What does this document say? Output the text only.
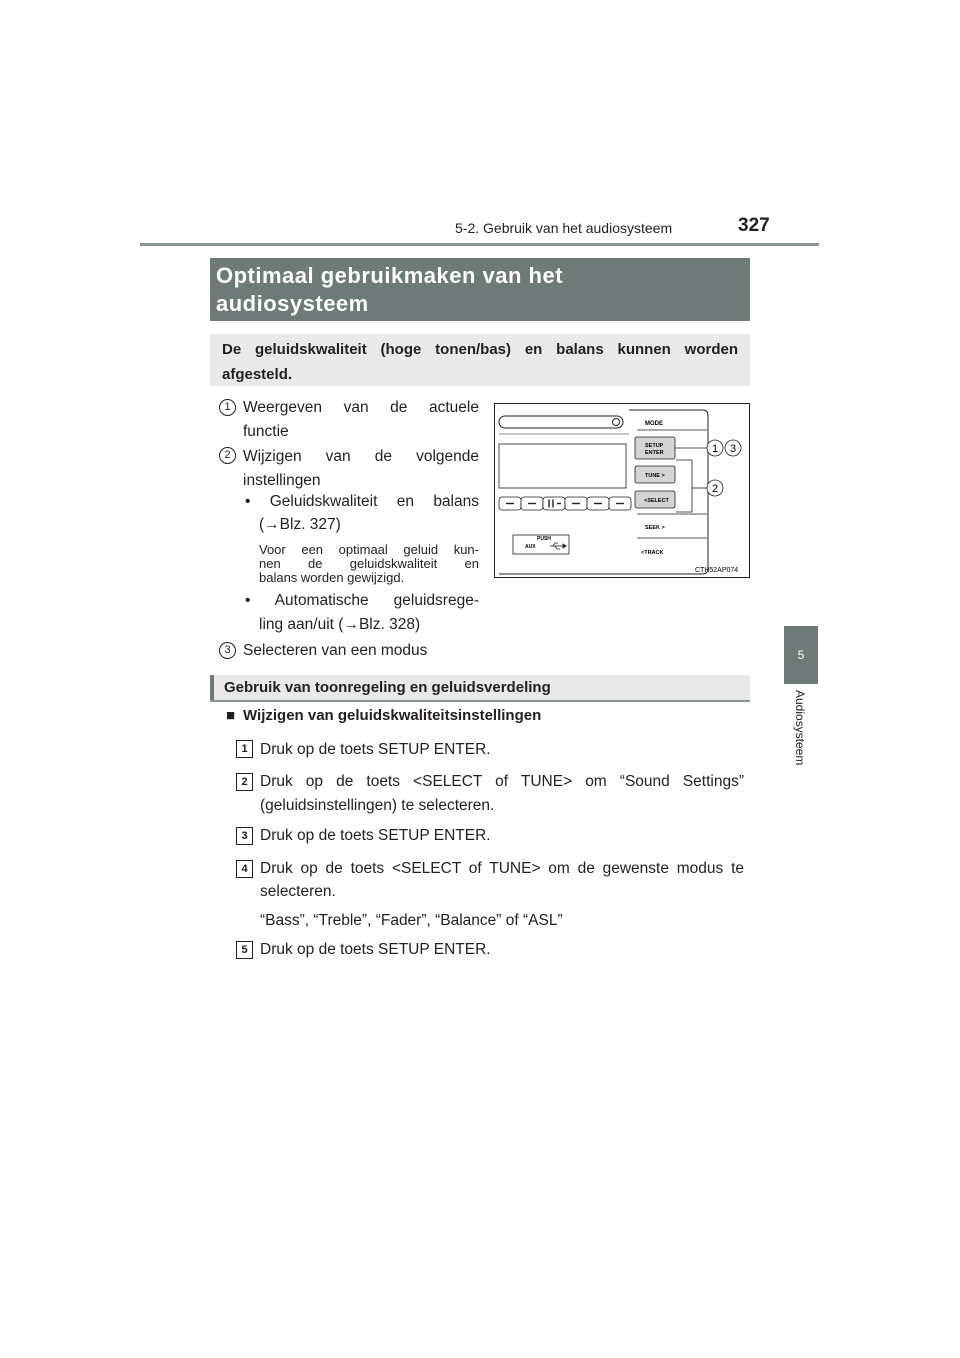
5-2. Gebruik van het audiosysteem	327
5
Audiosysteem
Optimaal gebruikmaken van het
audiosysteem
De geluidskwaliteit (hoge tonen/bas) en balans kunnen worden afgesteld.
1 Weergeven van de actuele
functie
2 Wijzigen van de volgende
instellingen
• Geluidskwaliteit en balans
(→Blz. 327)
Voor een optimaal geluid kun-
nen de geluidskwaliteit en
balans worden gewijzigd.
• Automatische geluidsrege-
ling aan/uit (→Blz. 328)
3 Selecteren van een modus
PUSH
AUX
MODE
SETUP
ENTER
TUNE >
<SELECT
SEEK >
<TRACK
1 3
2
CTH52AP074
Gebruik van toonregeling en geluidsverdeling
■ Wijzigen van geluidskwaliteitsinstellingen
1 Druk op de toets SETUP ENTER.
2 Druk op de toets <SELECT of TUNE> om “Sound Settings”
(geluidsinstellingen) te selecteren.
3 Druk op de toets SETUP ENTER.
4 Druk op de toets <SELECT of TUNE> om de gewenste modus te
selecteren.
“Bass”, “Treble”, “Fader”, “Balance” of “ASL”
5 Druk op de toets SETUP ENTER.
